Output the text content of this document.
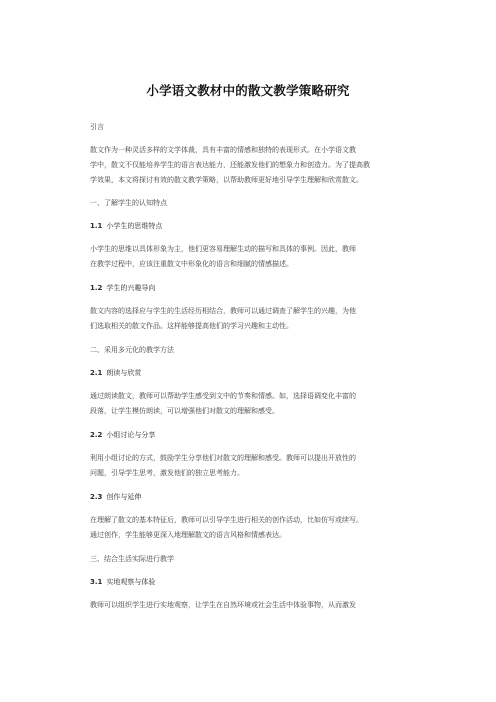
小学语文教材中的散文教学策略研究
引言
散文作为一种灵活多样的文学体裁，具有丰富的情感和独特的表现形式。在小学语文教
学中，散文不仅能培养学生的语言表达能力，还能激发他们的想象力和创造力。为了提高教
学效果，本文将探讨有效的散文教学策略，以帮助教师更好地引导学生理解和欣赏散文。
一、了解学生的认知特点
1.1 小学生的思维特点
小学生的思维以具体形象为主，他们更容易理解生动的描写和具体的事例。因此，教师
在教学过程中，应该注重散文中形象化的语言和细腻的情感描述。
1.2 学生的兴趣导向
散文内容的选择应与学生的生活经历相结合，教师可以通过调查了解学生的兴趣，为他
们选取相关的散文作品。这样能够提高他们的学习兴趣和主动性。
二、采用多元化的教学方法
2.1 朗读与欣赏
通过朗读散文，教师可以帮助学生感受到文中的节奏和情感。如，选择语调变化丰富的
段落，让学生模仿朗读，可以增强他们对散文的理解和感受。
2.2 小组讨论与分享
利用小组讨论的方式，鼓励学生分享他们对散文的理解和感受。教师可以提出开放性的
问题，引导学生思考，激发他们的独立思考能力。
2.3 创作与延伸
在理解了散文的基本特征后，教师可以引导学生进行相关的创作活动，比如仿写或续写。
通过创作，学生能够更深入地理解散文的语言风格和情感表达。
三、结合生活实际进行教学
3.1 实地观察与体验
教师可以组织学生进行实地观察，让学生在自然环境或社会生活中体验事物，从而激发
